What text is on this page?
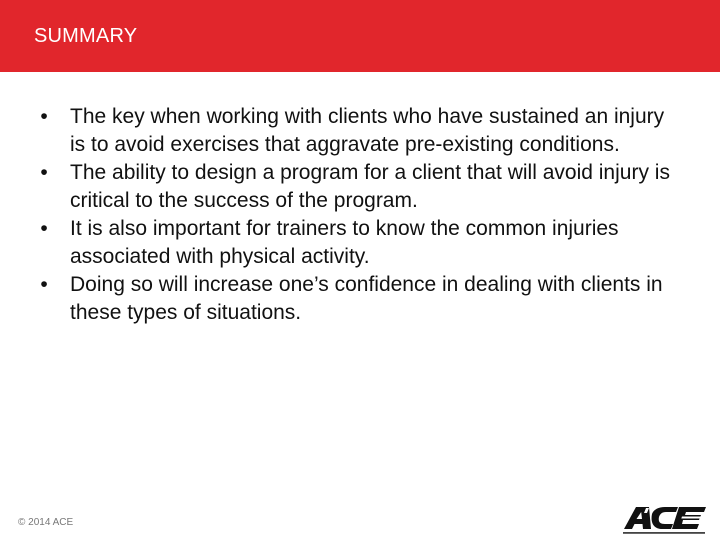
SUMMARY
• The key when working with clients who have sustained an injury is to avoid exercises that aggravate pre-existing conditions.
• The ability to design a program for a client that will avoid injury is critical to the success of the program.
• It is also important for trainers to know the common injuries associated with physical activity.
• Doing so will increase one’s confidence in dealing with clients in these types of situations.
© 2014 ACE
